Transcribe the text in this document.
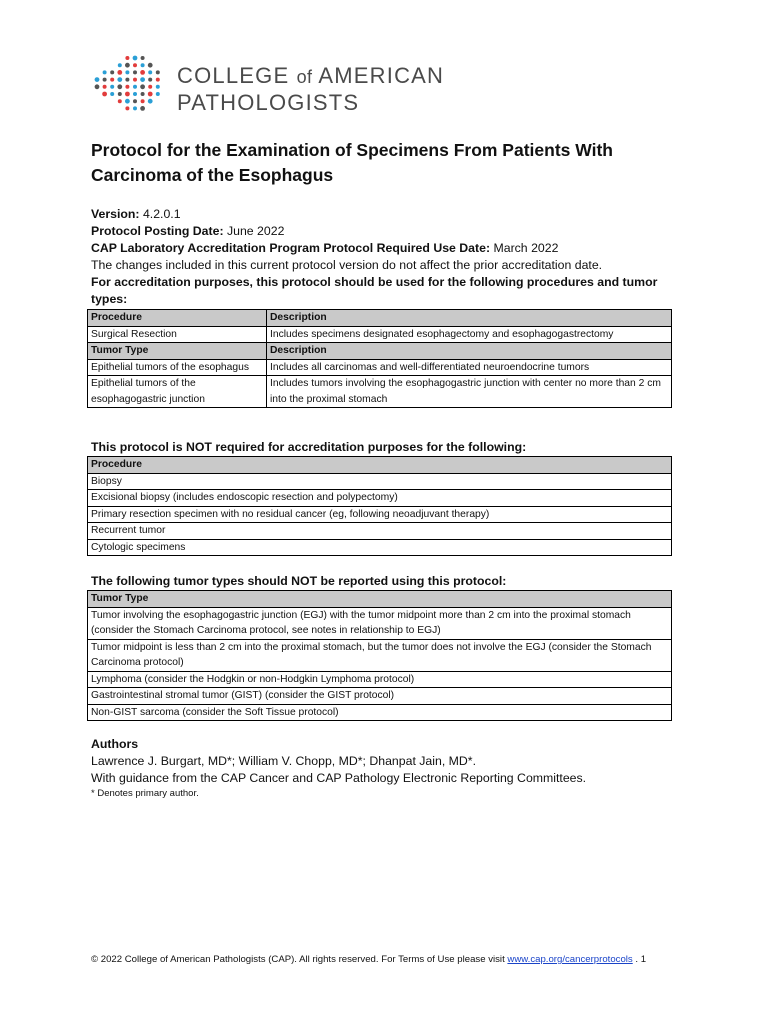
COLLEGE of AMERICAN
PATHOLOGISTS
Protocol for the Examination of Specimens From Patients With Carcinoma of the Esophagus
Version: 4.2.0.1
Protocol Posting Date: June 2022
CAP Laboratory Accreditation Program Protocol Required Use Date: March 2022
The changes included in this current protocol version do not affect the prior accreditation date.
For accreditation purposes, this protocol should be used for the following procedures and tumor types:
Procedure	Description
Surgical Resection	Includes specimens designated esophagectomy and esophagogastrectomy
Tumor Type	Description
Epithelial tumors of the esophagus	Includes all carcinomas and well-differentiated neuroendocrine tumors
Epithelial tumors of the esophagogastric junction	Includes tumors involving the esophagogastric junction with center no more than 2 cm into the proximal stomach

This protocol is NOT required for accreditation purposes for the following:

Procedure
Biopsy
Excisional biopsy (includes endoscopic resection and polypectomy)
Primary resection specimen with no residual cancer (eg, following neoadjuvant therapy)
Recurrent tumor
Cytologic specimens

The following tumor types should NOT be reported using this protocol:

Tumor Type
Tumor involving the esophagogastric junction (EGJ) with the tumor midpoint more than 2 cm into the proximal stomach (consider the Stomach Carcinoma protocol, see notes in relationship to EGJ)
Tumor midpoint is less than 2 cm into the proximal stomach, but the tumor does not involve the EGJ (consider the Stomach Carcinoma protocol)
Lymphoma (consider the Hodgkin or non-Hodgkin Lymphoma protocol)
Gastrointestinal stromal tumor (GIST) (consider the GIST protocol)
Non-GIST sarcoma (consider the Soft Tissue protocol)
Authors
Lawrence J. Burgart, MD*; William V. Chopp, MD*; Dhanpat Jain, MD*.
With guidance from the CAP Cancer and CAP Pathology Electronic Reporting Committees.
* Denotes primary author.
© 2022 College of American Pathologists (CAP). All rights reserved. For Terms of Use please visit www.cap.org/cancerprotocols . 1
